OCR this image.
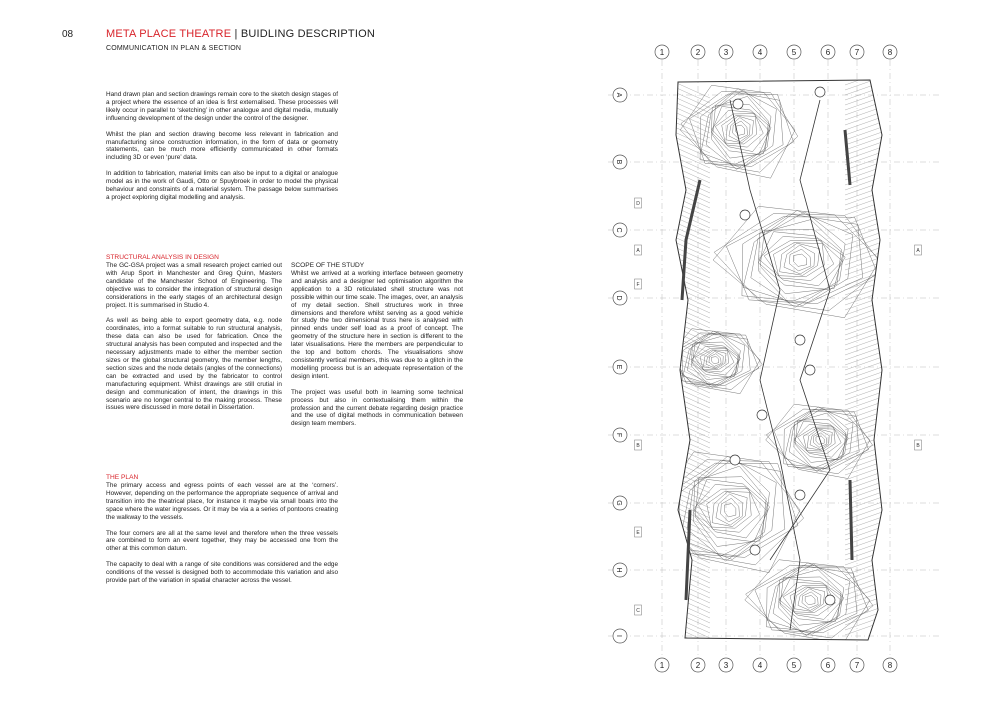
08	META PLACE THEATRE | BUIDLING DESCRIPTION
COMMUNICATION IN PLAN & SECTION

Hand drawn plan and section drawings remain core to the sketch design stages of a project where the essence of an idea is first externalised. These processes will likely occur in parallel to ‘sketching’ in other analogue and digital media, mutually influencing development of the design under the control of the designer.

Whilst the plan and section drawing become less relevant in fabrication and manufacturing since construction information, in the form of data or geometry statements, can be much more efficiently communicated in other formats including 3D or even ‘pure’ data.

In addition to fabrication, material limits can also be input to a digital or analogue model as in the work of Gaudi, Otto or Spuybroek in order to model the physical behaviour and constraints of a material system. The passage below summarises a project exploring digital modelling and analysis.

STRUCTURAL ANALYSIS IN DESIGN

The GC-GSA project was a small research project carried out with Arup Sport in Manchester and Greg Quinn, Masters candidate of the Manchester School of Engineering. The objective was to consider the integration of structural design considerations in the early stages of an architectural design project. It is summarised in Studio 4.

As well as being able to export geometry data, e.g. node coordinates, into a format suitable to run structural analysis, these data can also be used for fabrication. Once the structural analysis has been computed and inspected and the necessary adjustments made to either the member section sizes or the global structural geometry, the member lengths, section sizes and the node details (angles of the connections) can be extracted and used by the fabricator to control manufacturing equipment. Whilst drawings are still crutial in design and communication of intent, the drawings in this scenario are no longer central to the making process. These issues were discussed in more detail in Dissertation.

SCOPE OF THE STUDY

Whilst we arrived at a working interface between geometry and analysis and a designer led optimisation algorithm the application to a 3D reticulated shell structure was not possible within our time scale. The images, over, an analysis of my detail section. Shell structures work in three dimensions and therefore whilst serving as a good vehicle for study the two dimensional truss here is analysed with pinned ends under self load as a proof of concept. The geometry of the structure here in section is different to the later visualisations. Here the members are perpendicular to the top and bottom chords. The visualisations show consistently vertical members, this was due to a glitch in the modelling process but is an adequate representation of the design intent.

The project was useful both in learning some technical process but also in contextualising them within the profession and the current debate regarding design practice and the use of digital methods in communication between design team members.

THE PLAN

The primary access and egress points of each vessel are at the ‘corners’. However, depending on the performance the appropriate sequence of arrival and transition into the theatrical place, for instance it maybe via small boats into the space where the water ingresses. Or it may be via a a series of pontoons creating the walkway to the vessels.

The four corners are all at the same level and therefore when the three vessels are combined to form an event together, they may be accessed one from the other at this common datum.

The capacity to deal with a range of site conditions was considered and the edge conditions of the vessel is designed both to accommodate this variation and also provide part of the variation in spatial character across the vessel.

D
A	A
F
B	B
E
C
1
1
2
2
3
3
4
4
5
5
6
6
7
7
8
8
A
B
C
D
E
F
G
H
I
